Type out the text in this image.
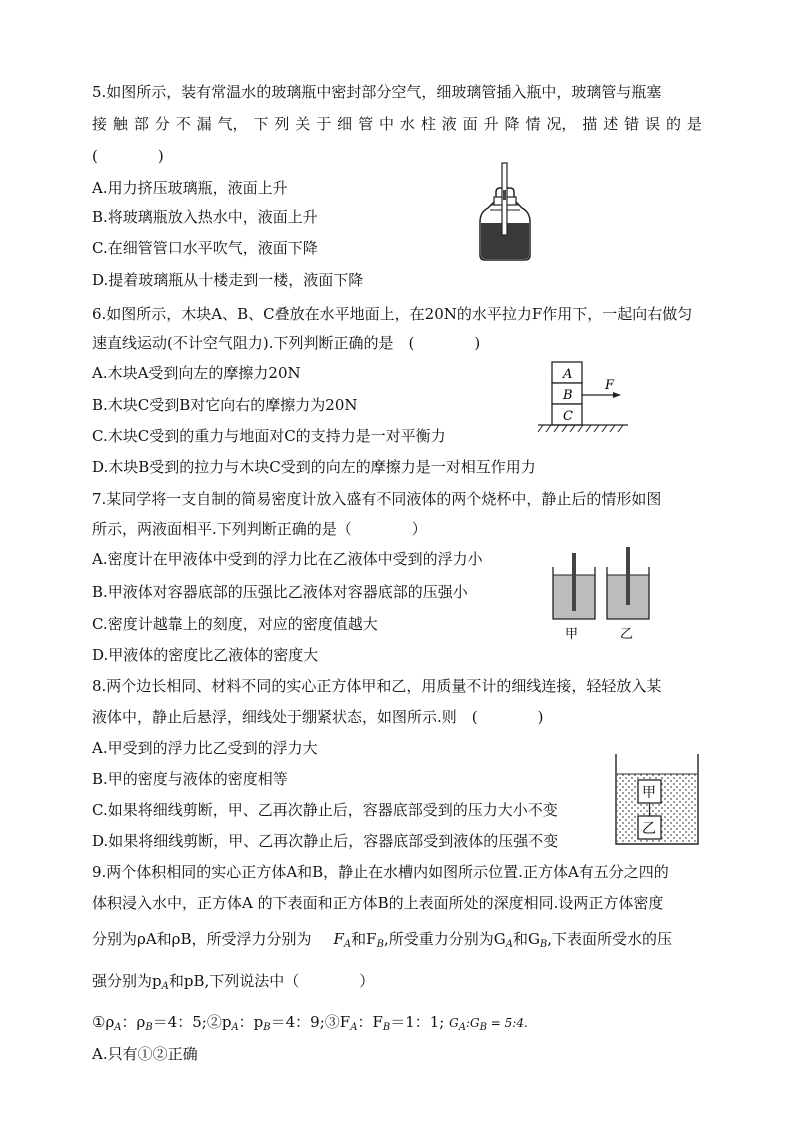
5.如图所示，装有常温水的玻璃瓶中密封部分空气，细玻璃管插入瓶中，玻璃管与瓶塞
接 触 部 分 不 漏 气， 下 列 关 于 细 管 中 水 柱 液 面 升 降 情 况， 描 述 错 误 的 是
(　　　　)
A.用力挤压玻璃瓶，液面上升
B.将玻璃瓶放入热水中，液面上升
C.在细管管口水平吹气，液面下降
D.提着玻璃瓶从十楼走到一楼，液面下降
6.如图所示，木块A、B、C叠放在水平地面上，在20N的水平拉力F作用下，一起向右做匀
速直线运动(不计空气阻力).下列判断正确的是　(　　　　)
A.木块A受到向左的摩擦力20N
B.木块C受到B对它向右的摩擦力为20N
C.木块C受到的重力与地面对C的支持力是一对平衡力
D.木块B受到的拉力与木块C受到的向左的摩擦力是一对相互作用力
A
B
C
F
7.某同学将一支自制的简易密度计放入盛有不同液体的两个烧杯中，静止后的情形如图
所示，两液面相平.下列判断正确的是（　　　　）
A.密度计在甲液体中受到的浮力比在乙液体中受到的浮力小
B.甲液体对容器底部的压强比乙液体对容器底部的压强小
C.密度计越靠上的刻度，对应的密度值越大
D.甲液体的密度比乙液体的密度大
甲	乙
8.两个边长相同、材料不同的实心正方体甲和乙，用质量不计的细线连接，轻轻放入某
液体中，静止后悬浮，细线处于绷紧状态，如图所示.则　(　　　　)
A.甲受到的浮力比乙受到的浮力大
B.甲的密度与液体的密度相等
C.如果将细线剪断，甲、乙再次静止后，容器底部受到的压力大小不变
D.如果将细线剪断，甲、乙再次静止后，容器底部受到液体的压强不变
甲
乙
9.两个体积相同的实心正方体A和B，静止在水槽内如图所示位置.正方体A有五分之四的
体积浸入水中，正方体A 的下表面和正方体B的上表面所处的深度相同.设两正方体密度
分别为ρA和ρB，所受浮力分别为 $F_A$和$F_B$,所受重力分别为$G_A$和$G_B$,下表面所受水的压
强分别为$p_A$和pB,下列说法中（　　　　）
$①\rho_A$：$\rho_B=4$：$5;②p_A$：$p_B=4$：$9;③F_A$：$F_B=1$：1; $G_A:G_B$ = 5:4.
A.只有①②正确
